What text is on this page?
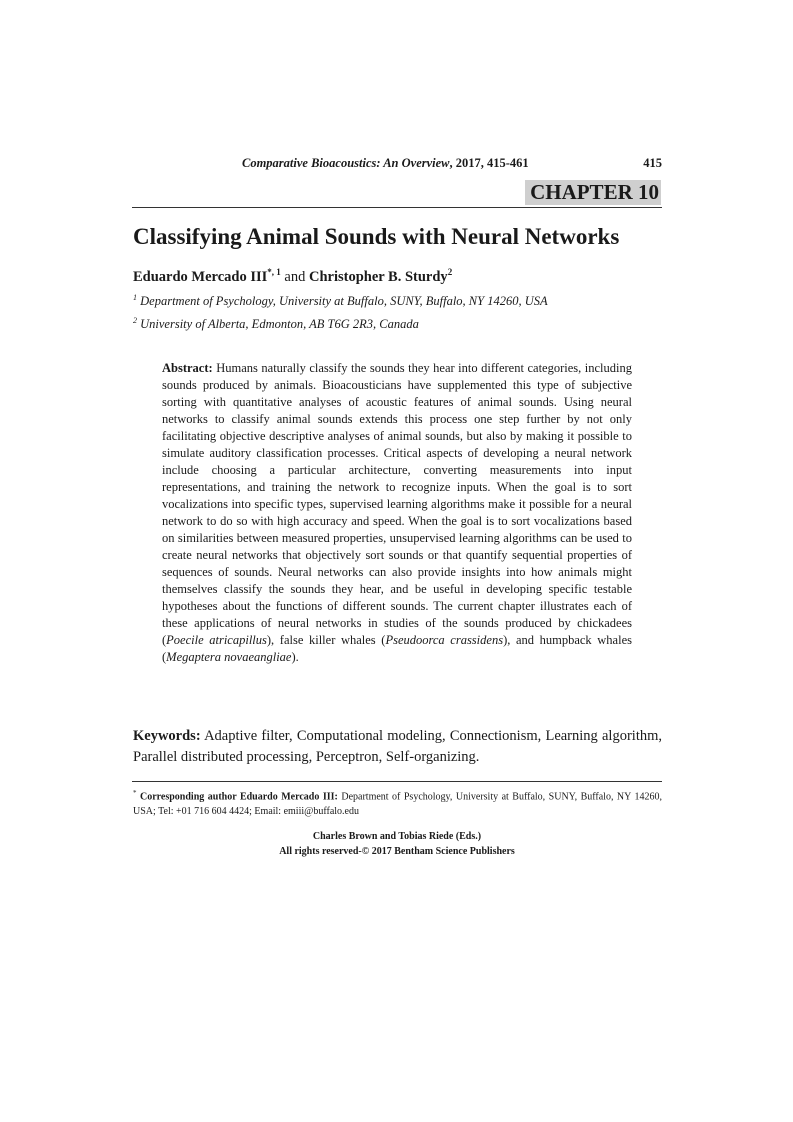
Comparative Bioacoustics: An Overview, 2017, 415-461	415
CHAPTER 10
Classifying Animal Sounds with Neural Networks
Eduardo Mercado $III^{*, 1}$ and Christopher B. Sturdy$^2$
$^1$ Department of Psychology, University at Buffalo, SUNY, Buffalo, NY 14260, USA
$^2$ University of Alberta, Edmonton, AB T6G 2R3, Canada
Abstract: Humans naturally classify the sounds they hear into different categories, including sounds produced by animals. Bioacousticians have supplemented this type of subjective sorting with quantitative analyses of acoustic features of animal sounds. Using neural networks to classify animal sounds extends this process one step further by not only facilitating objective descriptive analyses of animal sounds, but also by making it possible to simulate auditory classification processes. Critical aspects of developing a neural network include choosing a particular architecture, converting measurements into input representations, and training the network to recognize inputs. When the goal is to sort vocalizations into specific types, supervised learning algorithms make it possible for a neural network to do so with high accuracy and speed. When the goal is to sort vocalizations based on similarities between measured properties, unsupervised learning algorithms can be used to create neural networks that objectively sort sounds or that quantify sequential properties of sequences of sounds. Neural networks can also provide insights into how animals might themselves classify the sounds they hear, and be useful in developing specific testable hypotheses about the functions of different sounds. The current chapter illustrates each of these applications of neural networks in studies of the sounds produced by chickadees (Poecile atricapillus), false killer whales (Pseudoorca crassidens), and humpback whales (Megaptera novaeangliae).
Keywords: Adaptive filter, Computational modeling, Connectionism, Learning algorithm, Parallel distributed processing, Perceptron, Self-organizing.
* Corresponding author Eduardo Mercado III: Department of Psychology, University at Buffalo, SUNY, Buffalo, NY 14260, USA; Tel: +01 716 604 4424; Email: emiii@buffalo.edu
Charles Brown and Tobias Riede (Eds.)
All rights reserved-© 2017 Bentham Science Publishers
